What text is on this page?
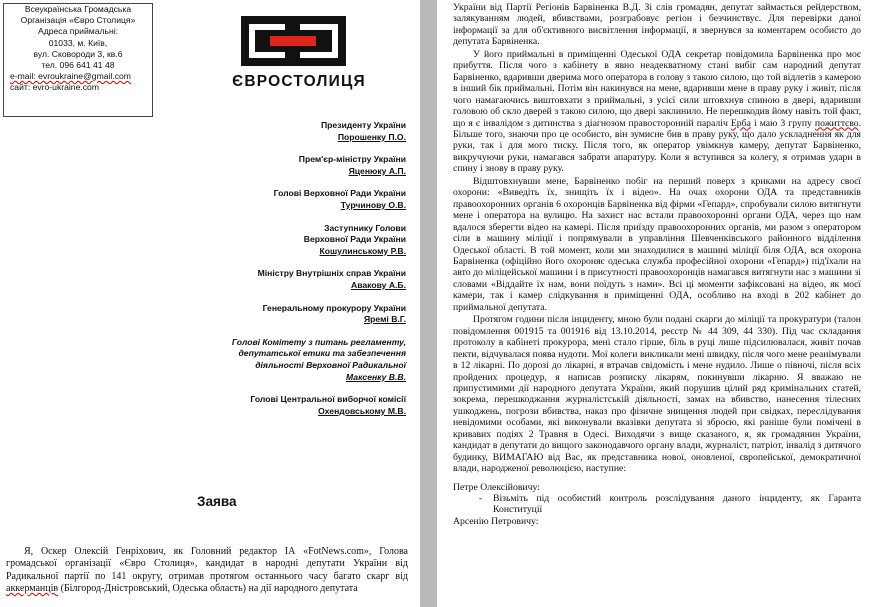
Всеукраїнська Громадська
Організація «Євро Столиця»
Адреса приймальні:
01033, м. Київ,
вул. Сковороди 3, кв.6
тел. 096 641 41 48
e-mail: evroukraine@gmail.com
сайт: evro-ukraine.com	ЄВРОСТОЛИЦЯ
Президенту України
Порошенку П.О.
Прем'єр-міністру України
Яценюку А.П.
Голові Верховної Ради України
Турчинову О.В.
Заступнику Голови
Верховної Ради України
Кошулинському Р.В.
Міністру Внутрішніх справ України
Авакову А.Б.
Генеральному прокурору України
Яремі В.Г.
Голові Комітету з питань регламенту,
депутатської етики та забезпечення
діяльності Верховної Радикальної
Максенку В.В.
Голові Центральної виборчої комісії
Охендовському М.В.
Заява
Я, Оскер Олексій Генріхович, як Головний редактор ІА «FotNews.com», Голова громадської організації «Євро Столиця», кандидат в народні депутати України від Радикальної партії по 141 округу, отримав протягом останнього часу багато скарг від аккерманців (Білгород-Дністровський, Одеська область) на дії народного депутата

України від Партії Регіонів Барвіненка В.Д. Зі слів громадян, депутат займається рейдерством, залякуванням людей, вбивствами, розграбовує регіон і безчинствує. Для перевірки даної інформації за для об'єктивного висвітлення інформації, я звернувся за коментарем особисто до депутата Барвіненка.

У його приймальні в приміщенні Одеської ОДА секретар повідомила Барвіненка про моє прибуття. Після чого з кабінету в явно неадекватному стані вибіг сам народний депутат Барвіненко, вдаривши дверима мого оператора в голову з такою силою, що той відлетів з камерою в інший бік приймальні. Потім він накинувся на мене, вдаривши мене в праву руку і живіт, після чого намагаючись виштовхати з приймальні, з усієї сили штовхнув спиною в двері, вдаривши головою об скло дверей з такою силою, що двері заклинило. Не перешкодив йому навіть той факт, що я є інвалідом з дитинства з діагнозом правосторонній параліч Ерба і маю 3 групу пожиттєво. Більше того, знаючи про це особисто, він зумисне бив в праву руку, що дало ускладнення як для руки, так і для мого тиску. Після того, як оператор увімкнув камеру, депутат Барвіненко, викручуючи руки, намагався забрати апаратуру. Коли я вступився за колегу, я отримав удари в спину і знову в праву руку.

Відштовхнувши мене, Барвіненко побіг на перший поверх з криками на адресу своєї охорони: «Виведіть їх, знищіть їх і відео». На очах охорони ОДА та представників правоохоронних органів 6 охоронців Барвіненка від фірми «Гепард», спробували силою витягнути мене і оператора на вулицю. На захист нас встали правоохоронні органи ОДА, через що нам вдалося зберегти відео на камері. Після приїзду правоохоронних органів, ми разом з оператором сіли в машину міліції і попрямували в управління Шевченківського районного відділення Одеської області. В той момент, коли ми знаходилися в машині міліції біля ОДА, вся охорона Барвіненка (офіційно його охороняє одеська служба професійної охорони «Гепард») під'їхали на авто до міліцейської машини і в присутності правоохоронців намагався витягнути нас з машини зі словами «Віддайте їх нам, вони поїдуть з нами». Всі ці моменти зафіксовані на відео, як моєї камери, так і камер слідкування в приміщенні ОДА, особливо на вході в 202 кабінет до приймальної депутата.

Протягом години після інциденту, мною були подані скарги до міліції та прокуратури (талон повідомлення 001915 та 001916 від 13.10.2014, реєстр № 44 309, 44 330). Під час складання протоколу в кабінеті прокурора, мені стало гірше, біль в руці лише підсилювалася, живіт почав пекти, відчувалася поява нудоти. Мої колеги викликали мені швидку, після чого мене реанімували в 12 лікарні. По дорозі до лікарні, я втрачав свідомість і мене нудило. Лише о півночі, після всіх пройдених процедур, я написав розписку лікарям, покинувши лікарню. Я вважаю не припустимими дії народного депутата України, який порушив цілий ряд кримінальних статей, зокрема, перешкоджання журналістській діяльності, замах на вбивство, нанесення тілесних ушкоджень, погрози вбивства, наказ про фізичне знищення людей при свідках, переслідування невідомими особами, які виконували вказівки депутата зі зброєю, які раніше були помічені в кривавих подіях 2 Травня в Одесі. Виходячи з вище сказаного, я, як громадянин України, кандидат в депутати до вищого законодавчого органу влади, журналіст, патріот, інвалід з дитячого будинку, ВИМАГАЮ від Вас, як представника нової, оновленої, європейської, демократичної влади, народженої революцією, наступне:

Петре Олексійовичу:

- Візьміть під особистий контроль розслідування даного інциденту, як Гаранта Конституції

Арсенію Петровичу:
